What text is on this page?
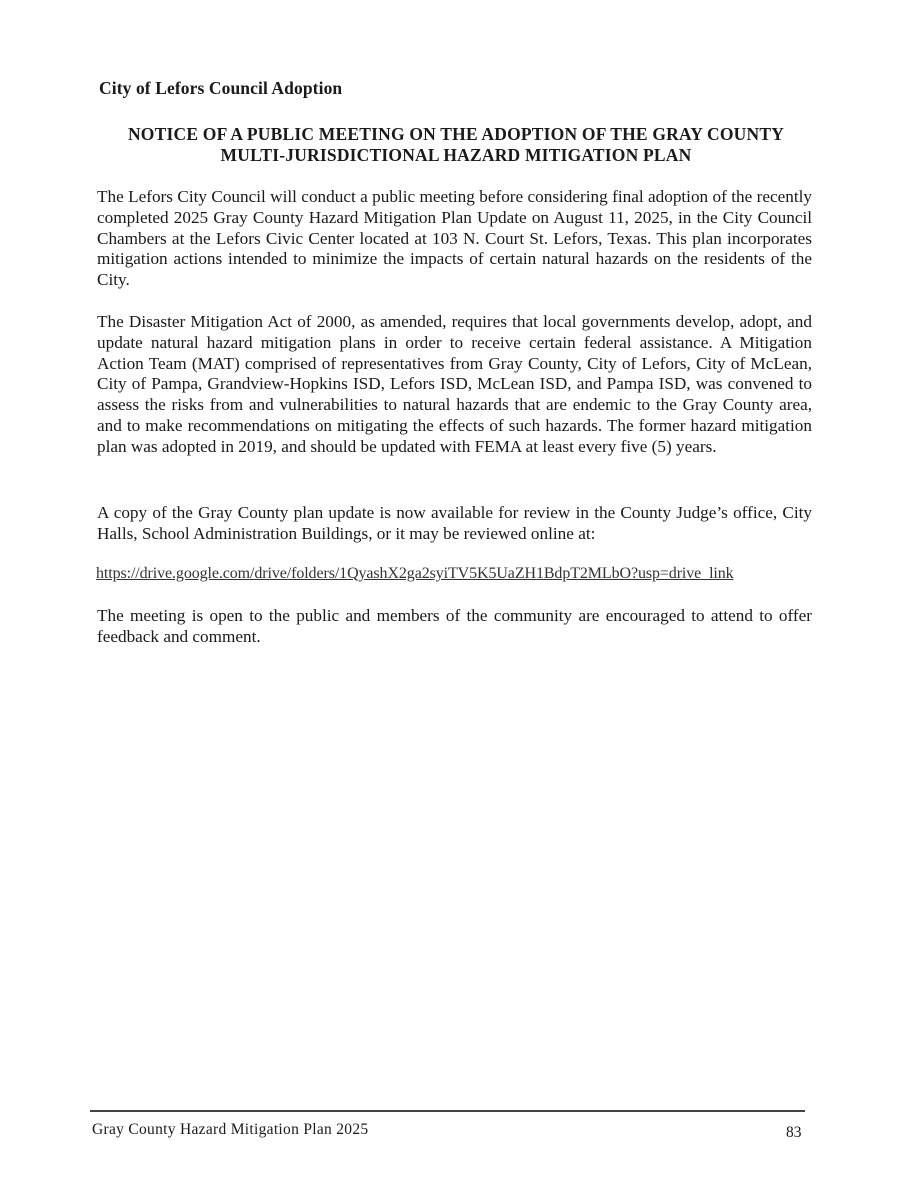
City of Lefors Council Adoption
NOTICE OF A PUBLIC MEETING ON THE ADOPTION OF THE GRAY COUNTY
MULTI-JURISDICTIONAL HAZARD MITIGATION PLAN

The Lefors City Council will conduct a public meeting before considering final adoption of the recently completed 2025 Gray County Hazard Mitigation Plan Update on August 11, 2025, in the City Council Chambers at the Lefors Civic Center located at 103 N. Court St. Lefors, Texas. This plan incorporates mitigation actions intended to minimize the impacts of certain natural hazards on the residents of the City.

The Disaster Mitigation Act of 2000, as amended, requires that local governments develop, adopt, and update natural hazard mitigation plans in order to receive certain federal assistance. A Mitigation Action Team (MAT) comprised of representatives from Gray County, City of Lefors, City of McLean, City of Pampa, Grandview-Hopkins ISD, Lefors ISD, McLean ISD, and Pampa ISD, was convened to assess the risks from and vulnerabilities to natural hazards that are endemic to the Gray County area, and to make recommendations on mitigating the effects of such hazards. The former hazard mitigation plan was adopted in 2019, and should be updated with FEMA at least every five (5) years.

A copy of the Gray County plan update is now available for review in the County Judge’s office, City Halls, School Administration Buildings, or it may be reviewed online at:

https://drive.google.com/drive/folders/1QyashX2ga2syiTV5K5UaZH1BdpT2MLbO?usp=drive_link

The meeting is open to the public and members of the community are encouraged to attend to offer feedback and comment.

Gray County Hazard Mitigation Plan 2025	83
